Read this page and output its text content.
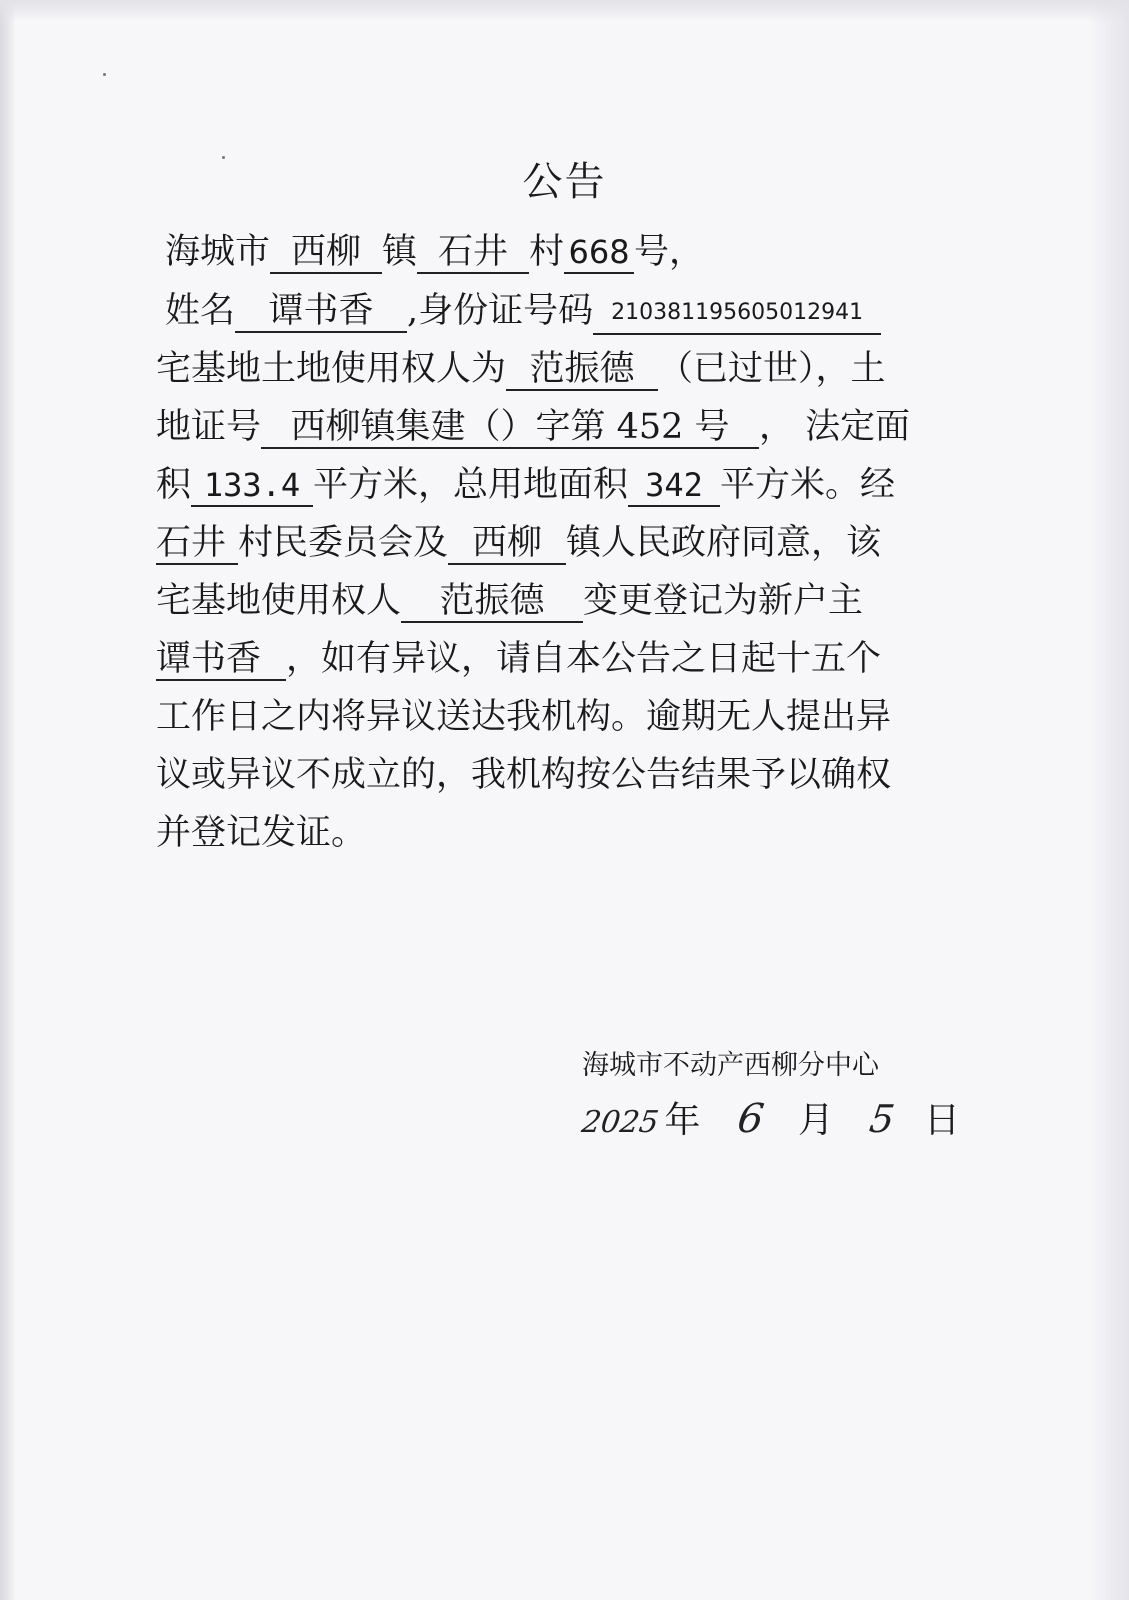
公告
海城市 西柳 镇 石井 村 668 号，
姓名 谭书香 ,身份证号码 210381195605012941
宅基地土地使用权人为 范振德 （已过世），土
地证号 西柳镇集建（）字第 452 号 ， 法定面
积 133.4 平方米，总用地面积 342 平方米。经
石井 村民委员会及 西柳 镇人民政府同意，该
宅基地使用权人 范振德 变更登记为新户主
谭书香 ，如有异议，请自本公告之日起十五个
工作日之内将异议送达我机构。逾期无人提出异
议或异议不成立的，我机构按公告结果予以确权
并登记发证。
海城市不动产西柳分中心
2025年 6 月 5 日
